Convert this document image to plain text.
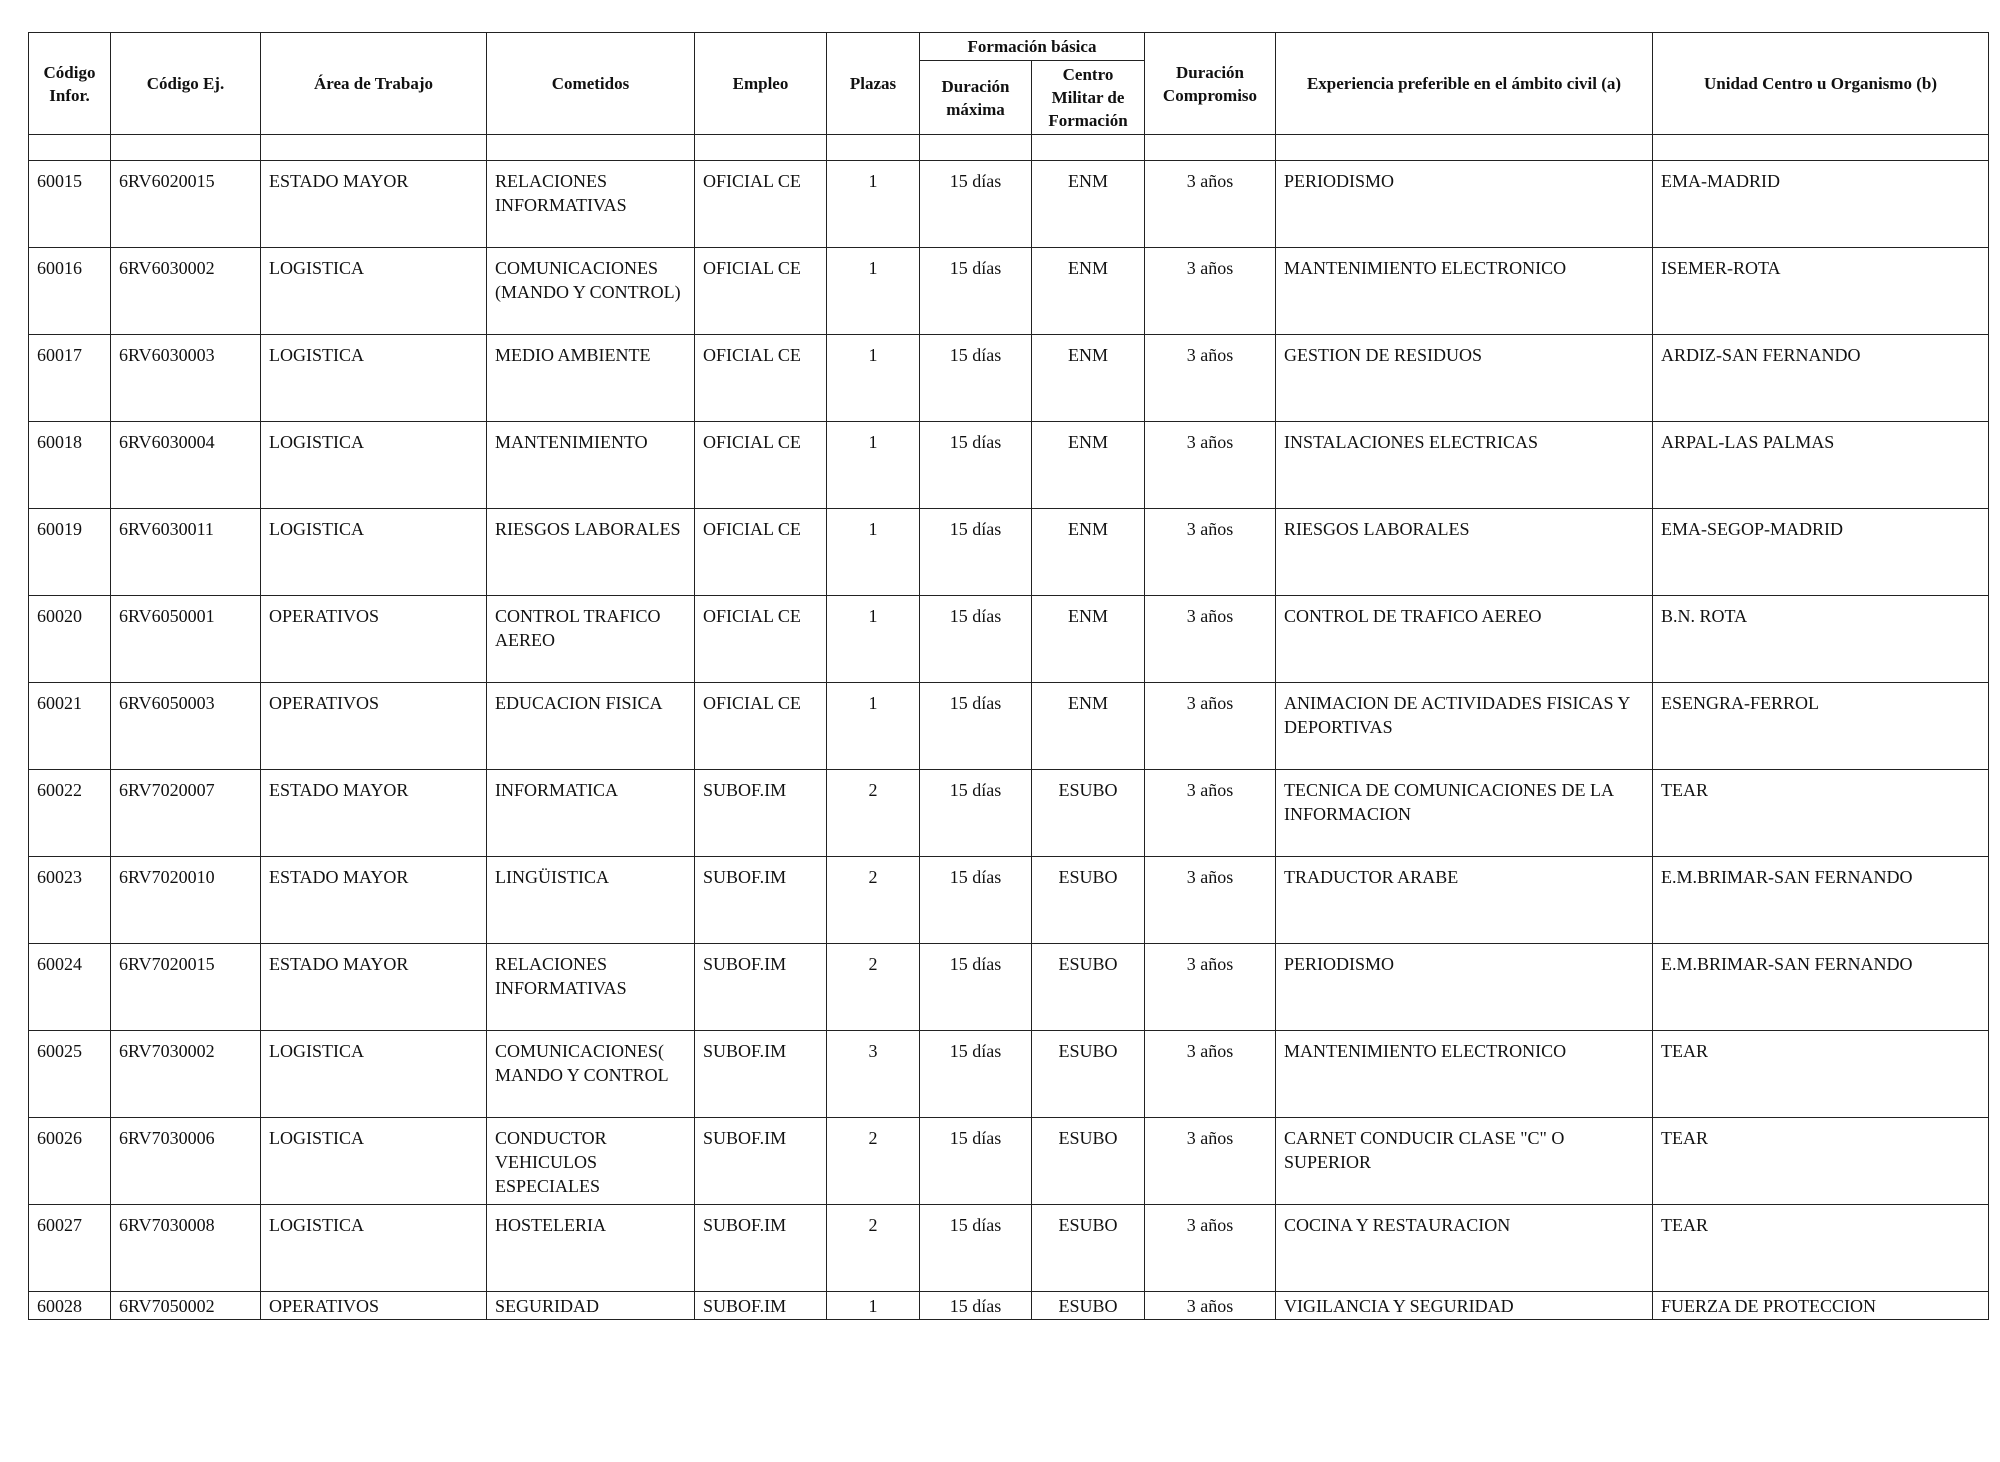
Código Infor.	Código Ej.	Área de Trabajo	Cometidos	Empleo	Plazas	Formación básica		Duración Compromiso	Experiencia preferible en el ámbito civil (a)	Unidad Centro u Organismo (b)
						Duración máxima	Centro Militar de Formación			

60015	6RV6020015	ESTADO MAYOR	RELACIONES INFORMATIVAS	OFICIAL CE	1	15 días	ENM	3 años	PERIODISMO	EMA-MADRID
60016	6RV6030002	LOGISTICA	COMUNICACIONES (MANDO Y CONTROL)	OFICIAL CE	1	15 días	ENM	3 años	MANTENIMIENTO ELECTRONICO	ISEMER-ROTA
60017	6RV6030003	LOGISTICA	MEDIO AMBIENTE	OFICIAL CE	1	15 días	ENM	3 años	GESTION DE RESIDUOS	ARDIZ-SAN FERNANDO
60018	6RV6030004	LOGISTICA	MANTENIMIENTO	OFICIAL CE	1	15 días	ENM	3 años	INSTALACIONES ELECTRICAS	ARPAL-LAS PALMAS
60019	6RV6030011	LOGISTICA	RIESGOS LABORALES	OFICIAL CE	1	15 días	ENM	3 años	RIESGOS LABORALES	EMA-SEGOP-MADRID
60020	6RV6050001	OPERATIVOS	CONTROL TRAFICO AEREO	OFICIAL CE	1	15 días	ENM	3 años	CONTROL DE TRAFICO AEREO	B.N. ROTA
60021	6RV6050003	OPERATIVOS	EDUCACION FISICA	OFICIAL CE	1	15 días	ENM	3 años	ANIMACION DE ACTIVIDADES FISICAS Y DEPORTIVAS	ESENGRA-FERROL
60022	6RV7020007	ESTADO MAYOR	INFORMATICA	SUBOF.IM	2	15 días	ESUBO	3 años	TECNICA DE COMUNICACIONES DE LA INFORMACION	TEAR
60023	6RV7020010	ESTADO MAYOR	LINGÜISTICA	SUBOF.IM	2	15 días	ESUBO	3 años	TRADUCTOR ARABE	E.M.BRIMAR-SAN FERNANDO
60024	6RV7020015	ESTADO MAYOR	RELACIONES INFORMATIVAS	SUBOF.IM	2	15 días	ESUBO	3 años	PERIODISMO	E.M.BRIMAR-SAN FERNANDO
60025	6RV7030002	LOGISTICA	COMUNICACIONES( MANDO Y CONTROL	SUBOF.IM	3	15 días	ESUBO	3 años	MANTENIMIENTO ELECTRONICO	TEAR
60026	6RV7030006	LOGISTICA	CONDUCTOR VEHICULOS ESPECIALES	SUBOF.IM	2	15 días	ESUBO	3 años	CARNET CONDUCIR CLASE "C" O SUPERIOR	TEAR
60027	6RV7030008	LOGISTICA	HOSTELERIA	SUBOF.IM	2	15 días	ESUBO	3 años	COCINA Y RESTAURACION	TEAR
60028	6RV7050002	OPERATIVOS	SEGURIDAD	SUBOF.IM	1	15 días	ESUBO	3 años	VIGILANCIA Y SEGURIDAD	FUERZA DE PROTECCION
